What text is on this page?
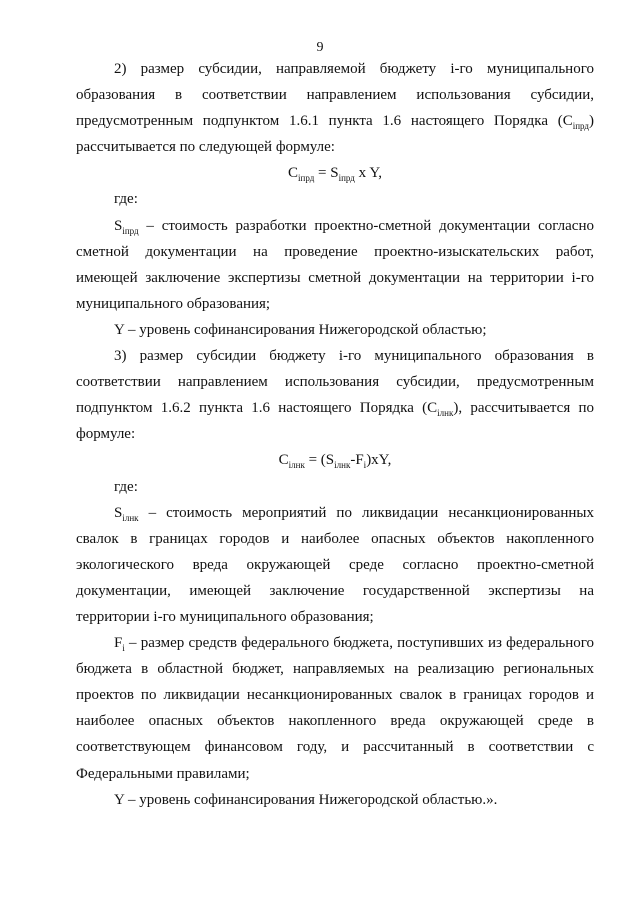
9

2) размер субсидии, направляемой бюджету i-го муниципального образования в соответствии направлением использования субсидии, предусмотренным подпунктом 1.6.1 пункта 1.6 настоящего Порядка $(C_{iпрд})$ рассчитывается по следующей формуле:

$C_{iпрд} = S_{iпрд}$ x Y,

где:

$S_{iпрд}$ – стоимость разработки проектно-сметной документации согласно сметной документации на проведение проектно-изыскательских работ, имеющей заключение экспертизы сметной документации на территории i-го муниципального образования;

Y – уровень софинансирования Нижегородской областью;

3) размер субсидии бюджету i-го муниципального образования в соответствии направлением использования субсидии, предусмотренным подпунктом 1.6.2 пункта 1.6 настоящего Порядка $(C_{iлнк})$, рассчитывается по формуле:

$C_{iлнк} = (S_{iлнк}-F_i)xY$,

где:

$S_{iлнк}$ – стоимость мероприятий по ликвидации несанкционированных свалок в границах городов и наиболее опасных объектов накопленного экологического вреда окружающей среде согласно проектно-сметной документации, имеющей заключение государственной экспертизы на территории i-го муниципального образования;

$F_i$ – размер средств федерального бюджета, поступивших из федерального бюджета в областной бюджет, направляемых на реализацию региональных проектов по ликвидации несанкционированных свалок в границах городов и наиболее опасных объектов накопленного вреда окружающей среде в соответствующем финансовом году, и рассчитанный в соответствии с Федеральными правилами;

Y – уровень софинансирования Нижегородской областью.».
